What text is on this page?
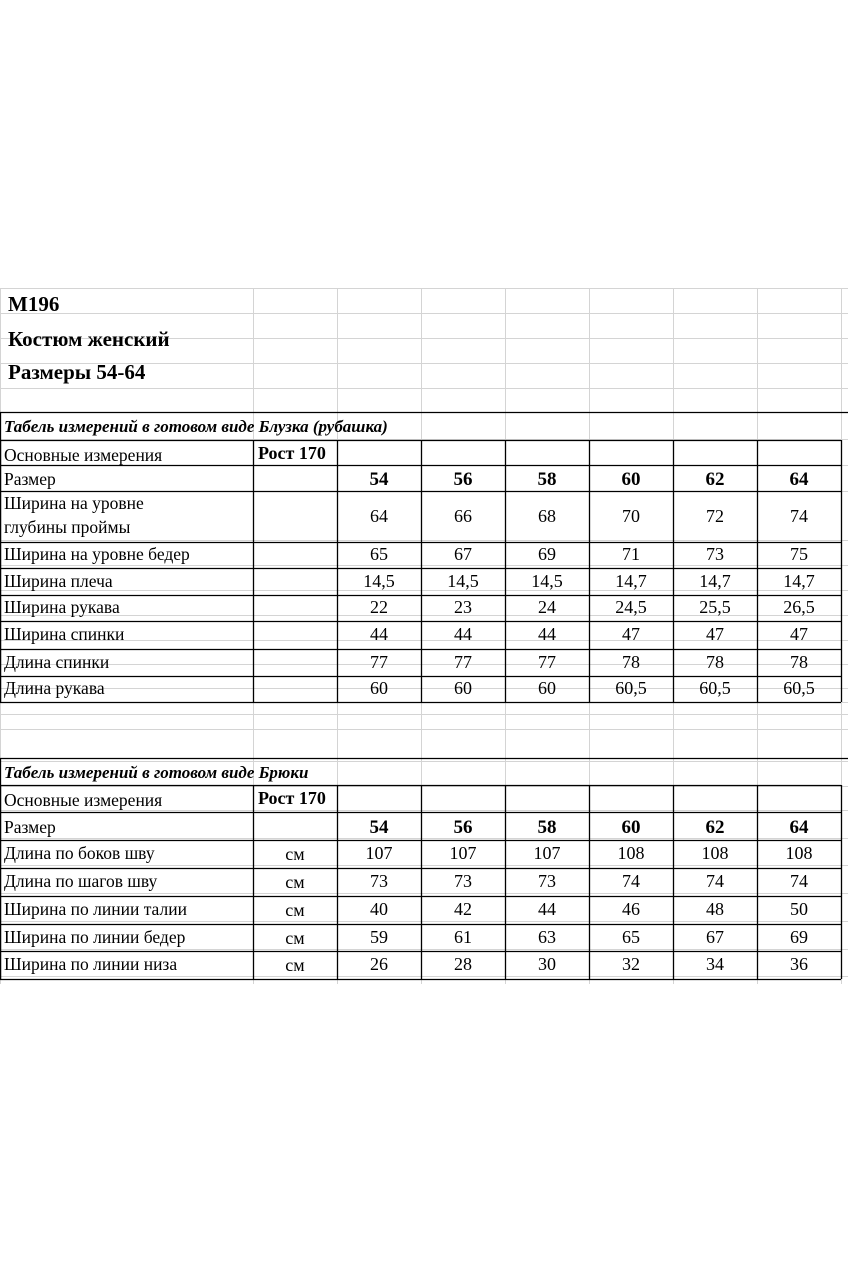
М196
Костюм женский
Размеры 54-64
Табель измерений в готовом виде Блузка (рубашка)
Основные измерения	Рост 170
Размер	54	56	58	60	62	64
Ширина на уровне
глубины проймы
64	66	68	70	72	74
Ширина на уровне бедер	65	67	69	71	73	75
Ширина плеча	14,5	14,5	14,5	14,7	14,7	14,7
Ширина рукава	22	23	24	24,5	25,5	26,5
Ширина спинки	44	44	44	47	47	47
Длина спинки	77	77	77	78	78	78
Длина рукава	60	60	60	60,5	60,5	60,5
Табель измерений в готовом виде Брюки
Основные измерения	Рост 170
Размер	54	56	58	60	62	64
Длина по боков шву	см	107	107	107	108	108	108
Длина по шагов шву	см	73	73	73	74	74	74
Ширина по линии талии	см	40	42	44	46	48	50
Ширина по линии бедер	см	59	61	63	65	67	69
Ширина по линии низа	см	26	28	30	32	34	36
